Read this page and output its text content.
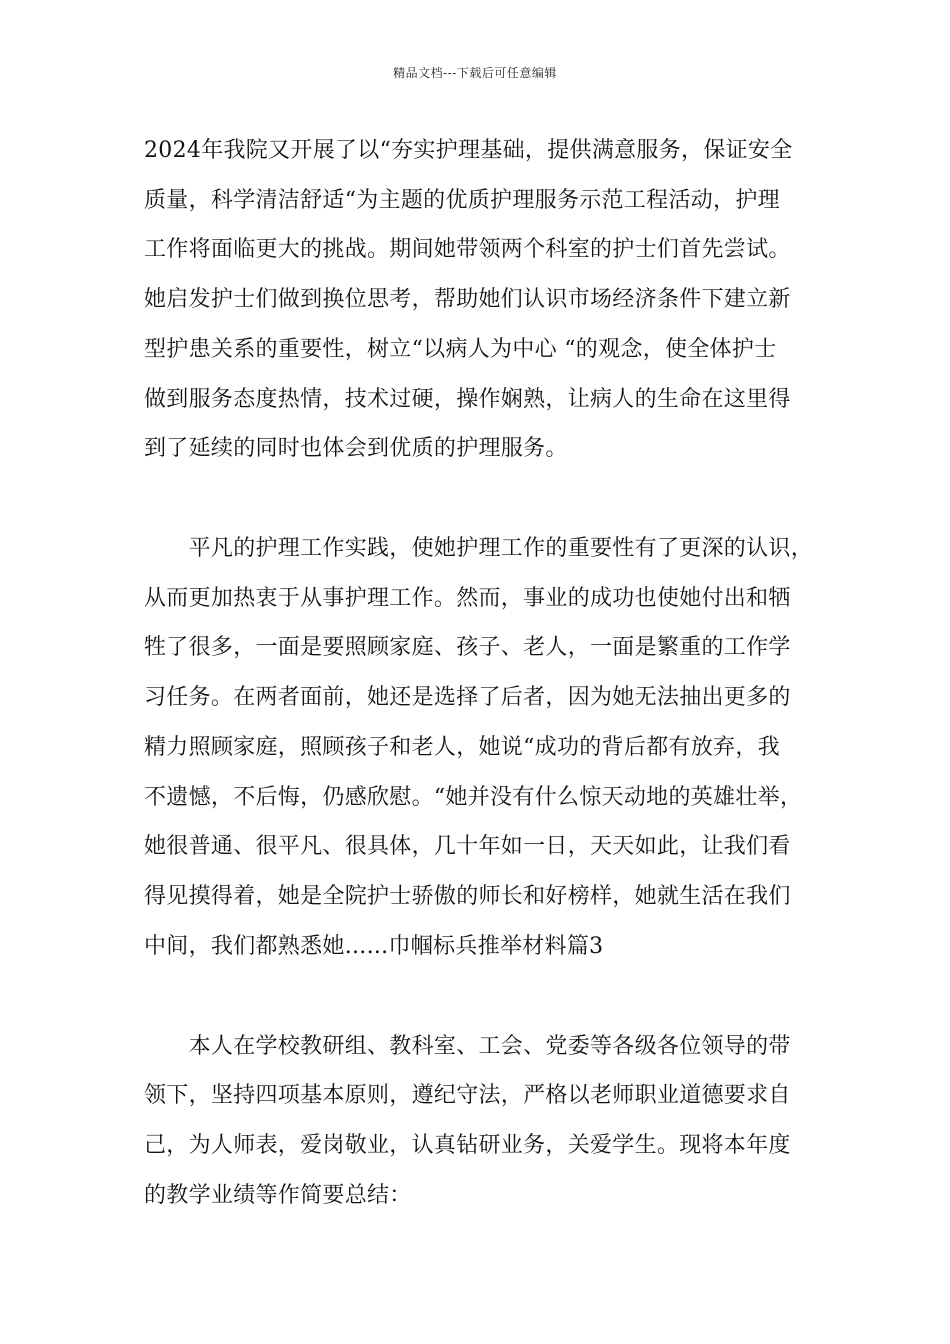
精品文档---下载后可任意编辑
2024年我院又开展了以“夯实护理基础，提供满意服务，保证安全
质量，科学清洁舒适“为主题的优质护理服务示范工程活动，护理
工作将面临更大的挑战。期间她带领两个科室的护士们首先尝试。
她启发护士们做到换位思考，帮助她们认识市场经济条件下建立新
型护患关系的重要性，树立“以病人为中心 “的观念，使全体护士
做到服务态度热情，技术过硬，操作娴熟，让病人的生命在这里得
到了延续的同时也体会到优质的护理服务。
　　平凡的护理工作实践，使她护理工作的重要性有了更深的认识，
从而更加热衷于从事护理工作。然而，事业的成功也使她付出和牺
牲了很多，一面是要照顾家庭、孩子、老人，一面是繁重的工作学
习任务。在两者面前，她还是选择了后者，因为她无法抽出更多的
精力照顾家庭，照顾孩子和老人，她说“成功的背后都有放弃，我
不遗憾，不后悔，仍感欣慰。“她并没有什么惊天动地的英雄壮举，
她很普通、很平凡、很具体，几十年如一日，天天如此，让我们看
得见摸得着，她是全院护士骄傲的师长和好榜样，她就生活在我们
中间，我们都熟悉她......巾帼标兵推举材料篇3
　　本人在学校教研组、教科室、工会、党委等各级各位领导的带
领下，坚持四项基本原则，遵纪守法，严格以老师职业道德要求自
己，为人师表，爱岗敬业，认真钻研业务，关爱学生。现将本年度
的教学业绩等作简要总结：
